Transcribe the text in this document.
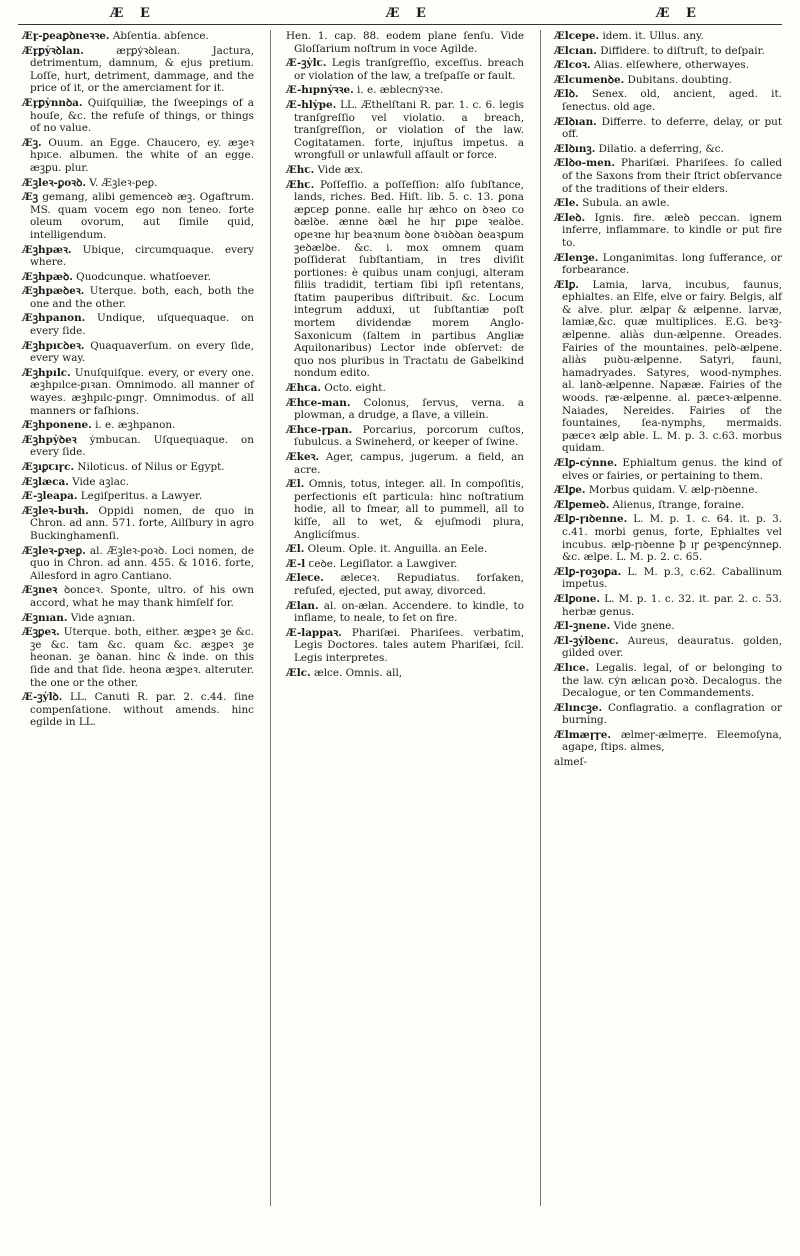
Æ E	Æ E	Æ E
Æꝼ-ꝑeaꝑꝺneꝛꝛe. Abſentia. abſence.
Æꝼꝑẏꝛꝺlan.	æꝼꝑẏꝛꝺlean. Jactura, detrimentum, damnum, & ejus pretium. Loſſe, hurt, detriment, dammage, and the price of it, or the amerciament for it.
Æꝼꝑẏnnꝺa. Quiſquiliæ, the ſweepings of a houſe, &c. the refuſe of things, or things of no value.
Æꝫ. Ouum. an Egge. Chaucero, ey. æꝫeꝛ hpıꞇe. albumen. the white of an egge. æꝫꝑu. plur.
Æꝫleꝛ-ꝑoꝛꝺ. V. Æꝫleꝛ-ꝑeꝑ.
Æꝫ gemang, alibi gemenceꝺ æꝫ. Ogaftrum. MS. quam vocem ego non teneo. forte oleum ovorum, aut ſimile quid, intelligendum.
Æꝫhpæꝛ. Ubique, circumquaque. every where.
Æꝫhpæꝺ. Quodcunque. whatſoever.
Æꝫhpæꝺeꝛ. Uterque. both, each, both the one and the other.
Æꝫhpanon. Undique, uſquequaque. on every ſide.
Æꝫhpıꞇꝺeꝛ. Quaquaverſum. on every ſide, every way.
Æꝫhpılc. Unuſquiſque. every, or every one. æꝫhpılce-ꝑıꝛan. Omnimodo. all manner of wayes. æꝫhpılc-ꝑıngꞅ. Omnimodus. of all manners or faſhions.
Æꝫhponene. i. e. æꝫhpanon.
Æꝫhpẏꝺeꝛ ẏmbuꞇan. Uſquequaque. on every ſide.
Æꝫıꝑꞇıꞅc. Niloticus. of Nilus or Egypt.
Æꝫlæca. Vide aꝫlac.
Æ-ꝫleapa. Legiſperitus. a Lawyer.
Æꝫleꝛ-buꝛh. Oppidi nomen, de quo in Chron. ad ann. 571. forte, Ailſbury in agro Buckinghamenſi.
Æꝫleꝛ-ꝑꝛeꝑ. al. Æꝫleꝛ-ꝑoꝛꝺ. Loci nomen, de quo in Chron. ad ann. 455. & 1016. forte, Ailesford in agro Cantiano.
Æꝫneꝛ ꝺonceꝛ. Sponte, ultro. of his own accord, what he may thank himſelf for.
Æꝫnıan. Vide aꝫnıan.
Æꝫꝑeꝛ. Uterque. both, either. æꝫꝑeꝛ ꝫe &c. ꝫe &c. tam &c. quam &c. æꝫꝑeꝛ ꝫe heonan. ꝫe ꝺanan. hinc & inde. on this ſide and that ſide. heona æꝫꝑeꝛ. alteruter. the one or the other.
Æ-ꝫẏlꝺ. LL. Canuti R. par. 2. c.44. ſine compenſatione. without amends. hinc egilde in LL.
Hen. 1. cap. 88. eodem plane ſenſu. Vide Gloſſarium noſtrum in voce Agilde.
Æ-ꝫẏlꞇ. Legis tranſgreſſio, exceſſus. breach or violation of the law, a treſpaſſe or fault.
Æ-hıpnẏꝛꝛe. i. e. æblecnẏꝛꝛe.
Æ-hlẏpe. LL. Æthelſtani R. par. 1. c. 6. legis tranſgreſſio vel violatio. a breach, tranſgreſſion, or violation of the law. Cogitatamen. forte, injuſtus impetus. a wrongfull or unlawfull aſſault or force.
Æhꞇ. Vide æx.
Æhꞇ. Poſſeſſio. a poſſeſſion: alſo ſubſtance, lands, riches. Bed. Hiſt. lib. 5. c. 13. ꝑona æꝑꞇeꝑ ꝑonne. ealle hıꞅ æhꞇo on ꝺꝛeo ꞇo ꝺælꝺe. ænne ꝺæl he hıꞅ ꝑıꝑe ꝛealꝺe. oꝑeꝛne hıꞅ beaꝛnum ꝺone ꝺꝛıꝺꝺan ꝺeaꝛꝑum ꝫeꝺælꝺe. &c. i. mox omnem quam poſſiderat ſubſtantiam, in tres diviſit portiones: è quibus unam conjugi, alteram filiis tradidit, tertiam ſibi ipſi retentans, ſtatim pauperibus diſtribuit. &c. Locum integrum adduxi, ut ſubſtantiæ poſt mortem dividendæ morem Anglo-Saxonicum (ſaltem in partibus Angliæ Aquilonaribus) Lector inde obſervet: de quo nos pluribus in Tractatu de Gabelkind nondum edito.
Æhꞇa. Octo. eight.
Æhꞇe-man. Colonus, ſervus, verna. a plowman, a drudge, a ſlave, a villein.
Æhꞇe-ꞅpan. Porcarius, porcorum cuſtos, ſubulcus. a Swineherd, or keeper of ſwine.
Ækeꝛ. Ager, campus, jugerum. a field, an acre.
Æl. Omnis, totus, integer. all. In compoſitis, perfectionis eſt particula: hinc noſtratium hodie, all to ſmear, all to pummell, all to kiſſe, all to wet, & ejuſmodi plura, Anglicíſmus.
Æl. Oleum. Ople. it. Anguilla. an Eele.
Æ-l ꞇeꝺe. Legiſlator. a Lawgiver.
Æleꞇe. æleꞇeꝛ. Repudiatus. forſaken, refuſed, ejected, put away, divorced.
Ælan. al. on-ælan. Accendere. to kindle, to inflame, to neale, to ſet on fire.
Æ-lappaꝛ. Phariſæi. Phariſees. verbatim, Legis Doctores. tales autem Phariſæi, ſcil. Legis interpretes.
Ælc. ælce. Omnis. all,
Ælcepe. idem. it. Ullus. any.
Ælcıan. Diffidere. to diſtruſt, to deſpair.
Ælcoꝛ. Alias. elſewhere, otherwayes.
Ælcumenꝺe. Dubitans. doubting.
Ælꝺ. Senex. old, ancient, aged. it. ſenectus. old age.
Ælꝺıan. Differre. to deferre, delay, or put off.
Ælꝺınꝫ. Dilatio. a deferring, &c.
Ælꝺo-men. Phariſæi. Phariſees. ſo called of the Saxons from their ſtrict obſervance of the traditions of their elders.
Æle. Subula. an awle.
Æleꝺ. Ignis. fire. æleꝺ peccan. ignem inferre, inflammare. to kindle or put fire to.
Ælenꝫe. Longanimitas. long ſufferance, or forbearance.
Ælꝑ. Lamia, larva, incubus, faunus, ephialtes. an Elfe, elve or fairy. Belgis, alf & alve. plur. ælꝑaꞅ & ælꝑenne. larvæ, lamiæ,&c. quæ multiplices. E.G. beꝛꝫ-ælꝑenne. aliàs dun-ælꝑenne. Oreades. Fairies of the mountaines. pelꝺ-ælꝑene. aliàs puꝺu-ælꝑenne. Satyri, fauni, hamadryades. Satyres, wood-nymphes. al. lanꝺ-ælꝑenne. Napææ. Fairies of the woods. ꞅæ-ælꝑenne. al. pæꞇeꝛ-ælꝑenne. Naiades, Nereides. Fairies of the fountaines, ſea-nymphs, mermaids. pæꞇeꝛ ælꝑ able. L. M. p. 3. c.63. morbus quidam.
Ælꝑ-cẏnne. Ephialtum genus. the kind of elves or fairies, or pertaining to them.
Ælꝑe. Morbus quidam. V. ælꝑ-ꞅıꝺenne.
Ælꝑemeꝺ. Alienus, ſtrange, foraine.
Ælꝑ-ꞅıꝺenne. L. M. p. 1. c. 64. it. p. 3. c.41. morbi genus, forte, Ephialtes vel incubus. ælꝑ-ꞅıꝺenne ꝥ ıꞅ ꝑeꝛꝑencẏnneꝑ. &c. ælꝑe. L. M. p. 2. c. 65.
Ælꝑ-ꞅoꝫoꝑa. L. M. p.3, c.62. Caballinum impetus.
Ælꝑone. L. M. p. 1. c. 32. it. par. 2. c. 53. herbæ genus.
Æl-ꝫnene. Vide ꝫnene.
Æl-ꝫẏlꝺenc. Aureus, deauratus. golden, gilded over.
Ælıce. Legalis. legal, of or belonging to the law. ꞇẏn ælıcan ꝑoꝛꝺ. Decalogus. the Decalogue, or ten Commandements.
Ælıncꝫe. Conflagratio. a conflagration or burning.
Ælmæꞅꞅe. ælmeꞅ-ælmeꞅꞅe. Eleemoſyna, agape, ſtips. almes,
almeſ-
